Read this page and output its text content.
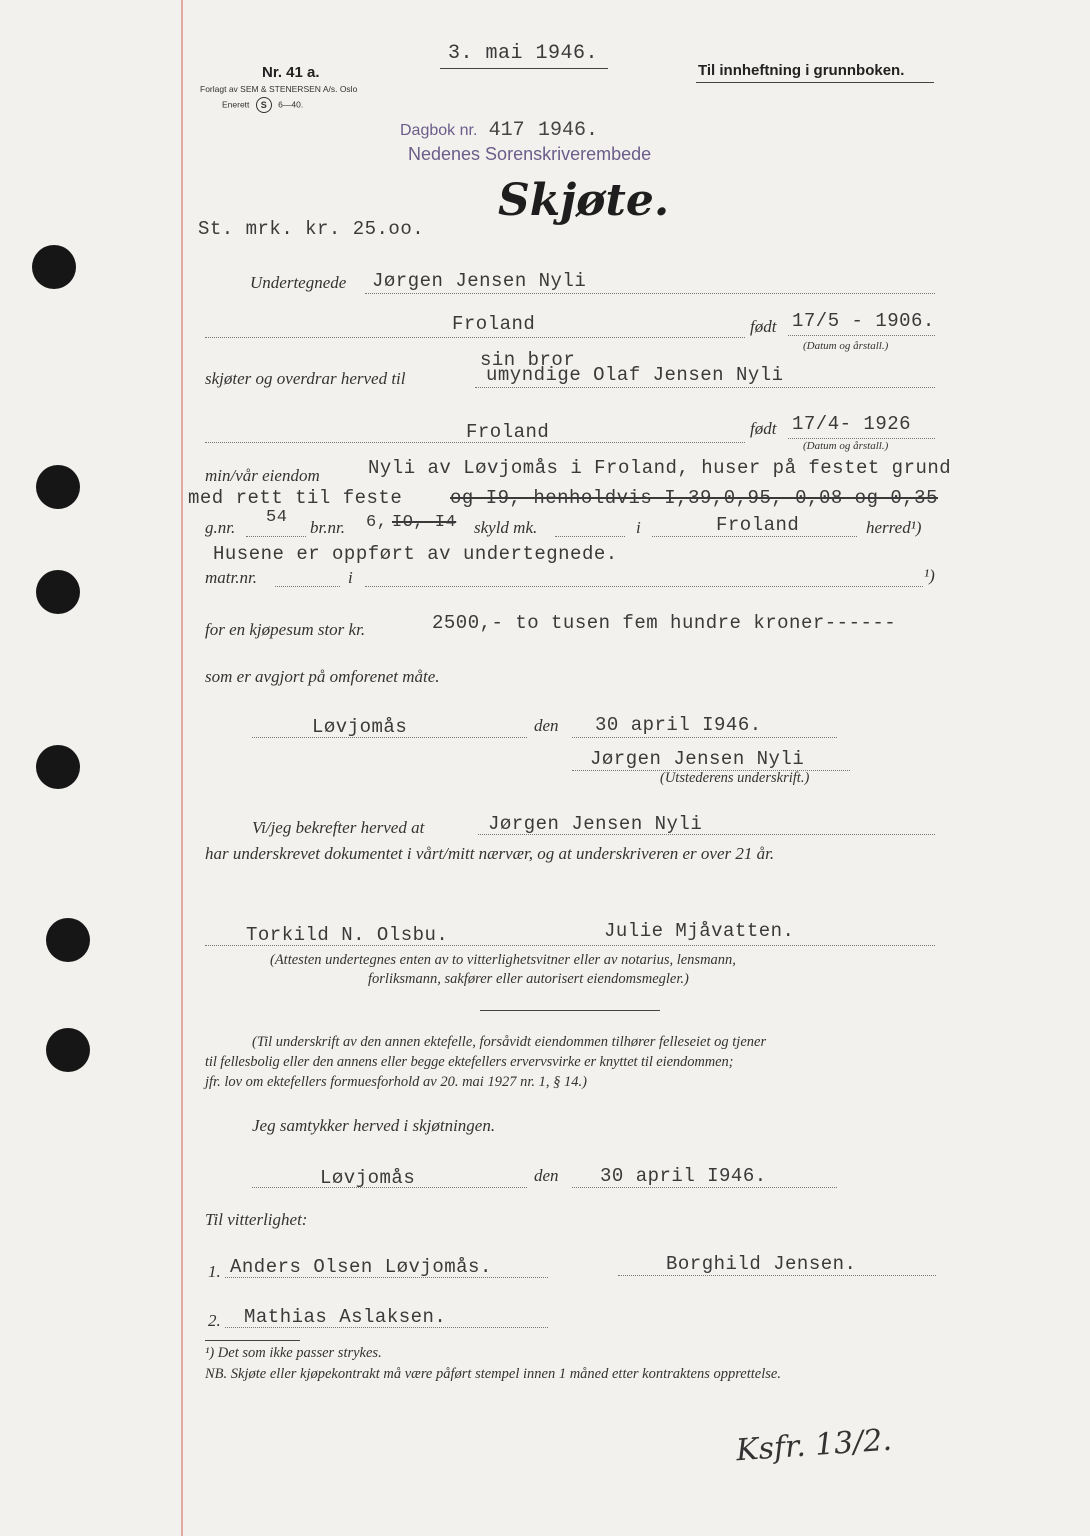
Nr. 41 a.
Forlagt av SEM & STENERSEN A/s. Oslo
Enerett S 6—40.
3. mai 1946.
Til innheftning i grunnboken.
Dagbok nr. 417 1946.
Nedenes Sorenskriverembede
Skjøte.
St. mrk. kr. 25.oo.
Undertegnede Jørgen Jensen Nyli
Froland	født 17/5 - 1906.
(Datum og årstall.)
sin bror
skjøter og overdrar herved til	umyndige Olaf Jensen Nyli
Froland	født 17/4- 1926
(Datum og årstall.)
min/vår eiendom	Nyli av Løvjomås i Froland, huser på festet grund
med rett til feste	og I9, henholdvis I,39,0,95, 0,08 og 0,35
g.nr.
54
br.nr. 6, IO, I4 skyld mk.	i	Froland	herred¹)
Husene er oppført av undertegnede.
matr.nr.	i	¹)
for en kjøpesum stor kr.	2500,- to tusen fem hundre kroner------
som er avgjort på omforenet måte.
Løvjomås	den 30 april I946.
Jørgen Jensen Nyli
(Utstederens underskrift.)
Vi/jeg bekrefter herved at	Jørgen Jensen Nyli
har underskrevet dokumentet i vårt/mitt nærvær, og at underskriveren er over 21 år.
Torkild N. Olsbu.	Julie Mjåvatten.
(Attesten undertegnes enten av to vitterlighetsvitner eller av notarius, lensmann,
forliksmann, sakfører eller autorisert eiendomsmegler.)
(Til underskrift av den annen ektefelle, forsåvidt eiendommen tilhører felleseiet og tjener
til fellesbolig eller den annens eller begge ektefellers ervervsvirke er knyttet til eiendommen;
jfr. lov om ektefellers formuesforhold av 20. mai 1927 nr. 1, § 14.)
Jeg samtykker herved i skjøtningen.
Løvjomås	den 30 april I946.
Til vitterlighet:
1. Anders Olsen Løvjomås.	Borghild Jensen.
2. Mathias Aslaksen.
¹) Det som ikke passer strykes.
NB. Skjøte eller kjøpekontrakt må være påført stempel innen 1 måned etter kontraktens opprettelse.
Ksfr. 13/2.
